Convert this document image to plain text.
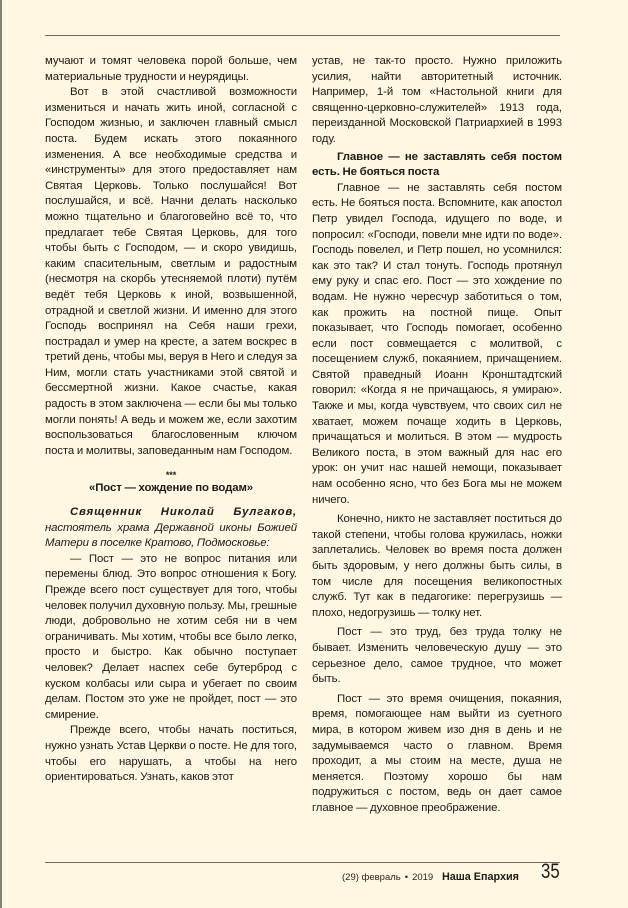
мучают и томят человека порой больше, чем материальные трудности и неурядицы.

Вот в этой счастливой возможности измениться и начать жить иной, согласной с Господом жизнью, и заключен главный смысл поста. Будем искать этого покаянного изменения. А все необходимые средства и «инструменты» для этого предоставляет нам Святая Церковь. Только послушайся! Вот послушайся, и всё. Начни делать насколько можно тщательно и благоговейно всё то, что предлагает тебе Святая Церковь, для того чтобы быть с Господом, — и скоро увидишь, каким спасительным, светлым и радостным (несмотря на скорбь утесняемой плоти) путём ведёт тебя Церковь к иной, возвышенной, отрадной и светлой жизни. И именно для этого Господь воспринял на Себя наши грехи, пострадал и умер на кресте, а затем воскрес в третий день, чтобы мы, веруя в Него и следуя за Ним, могли стать участниками этой святой и бессмертной жизни. Какое счастье, какая радость в этом заключена — если бы мы только могли понять! А ведь и можем же, если захотим воспользоваться благословенным ключом поста и молитвы, заповеданным нам Господом.

***

«Пост — хождение по водам»

Священник Николай Булгаков, настоятель храма Державной иконы Божией Матери в поселке Кратово, Подмосковье:

— Пост — это не вопрос питания или перемены блюд. Это вопрос отношения к Богу. Прежде всего пост существует для того, чтобы человек получил духовную пользу. Мы, грешные люди, добровольно не хотим себя ни в чем ограничивать. Мы хотим, чтобы все было легко, просто и быстро. Как обычно поступает человек? Делает наспех себе бутерброд с куском колбасы или сыра и убегает по своим делам. Постом это уже не пройдет, пост — это смирение.

Прежде всего, чтобы начать поститься, нужно узнать Устав Церкви о посте. Не для того, чтобы его нарушать, а чтобы на него ориентироваться. Узнать, каков этот

устав, не так-то просто. Нужно приложить усилия, найти авторитетный источник. Например, 1-й том «Настольной книги для священно-церковно-служителей» 1913 года, переизданной Московской Патриархией в 1993 году.

Главное — не заставлять себя постом есть. Не бояться поста

Главное — не заставлять себя постом есть. Не бояться поста. Вспомните, как апостол Петр увидел Господа, идущего по воде, и попросил: «Господи, повели мне идти по воде». Господь повелел, и Петр пошел, но усомнился: как это так? И стал тонуть. Господь протянул ему руку и спас его. Пост — это хождение по водам. Не нужно чересчур заботиться о том, как прожить на постной пище. Опыт показывает, что Господь помогает, особенно если пост совмещается с молитвой, с посещением служб, покаянием, причащением. Святой праведный Иоанн Кронштадтский говорил: «Когда я не причащаюсь, я умираю». Также и мы, когда чувствуем, что своих сил не хватает, можем почаще ходить в Церковь, причащаться и молиться. В этом — мудрость Великого поста, в этом важный для нас его урок: он учит нас нашей немощи, показывает нам особенно ясно, что без Бога мы не можем ничего.

Конечно, никто не заставляет поститься до такой степени, чтобы голова кружилась, ножки заплетались. Человек во время поста должен быть здоровым, у него должны быть силы, в том числе для посещения великопостных служб. Тут как в педагогике: перегрузишь — плохо, недогрузишь — толку нет.

Пост — это труд, без труда толку не бывает. Изменить человеческую душу — это серьезное дело, самое трудное, что может быть.

Пост — это время очищения, покаяния, время, помогающее нам выйти из суетного мира, в котором живем изо дня в день и не задумываемся часто о главном. Время проходит, а мы стоим на месте, душа не меняется. Поэтому хорошо бы нам подружиться с постом, ведь он дает самое главное — духовное преображение.

(29) февраль • 2019 Наша Епархия 35
